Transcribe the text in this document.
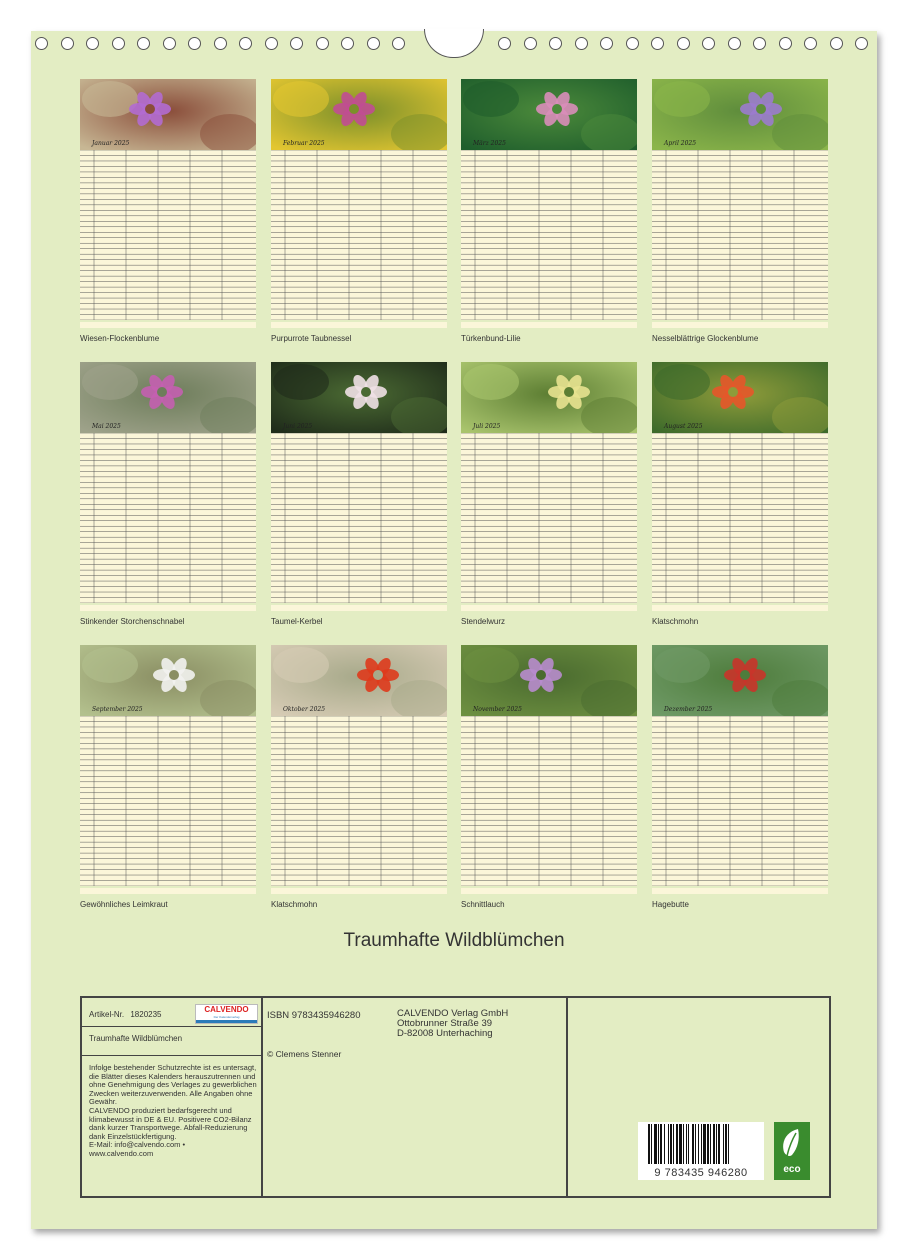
Januar 2025
Wiesen-Flockenblume
Februar 2025
Purpurrote Taubnessel
März 2025
Türkenbund-Lilie
April 2025
Nesselblättrige Glockenblume
Mai 2025
Stinkender Storchenschnabel
Juni 2025
Taumel-Kerbel
Juli 2025
Stendelwurz
August 2025
Klatschmohn
September 2025
Gewöhnliches Leimkraut
Oktober 2025
Klatschmohn
November 2025
Schnittlauch
Dezember 2025
Hagebutte
Traumhafte Wildblümchen
Artikel-Nr. 1820235
CALVENDO
Der Kalenderverlag
Traumhafte Wildblümchen
Infolge bestehender Schutzrechte ist es untersagt, die Blätter dieses Kalenders herauszutrennen und ohne Genehmigung des Verlages zu gewerblichen Zwecken weiterzuverwenden. Alle Angaben ohne Gewähr.
CALVENDO produziert bedarfsgerecht und klimabewusst in DE & EU. Positivere CO2-Bilanz dank kurzer Transportwege. Abfall-Reduzierung dank Einzelstückfertigung.
E-Mail: info@calvendo.com •
www.calvendo.com
ISBN 9783435946280
© Clemens Stenner
CALVENDO Verlag GmbH
Ottobrunner Straße 39
D-82008 Unterhaching
9 783435 946280	eco
